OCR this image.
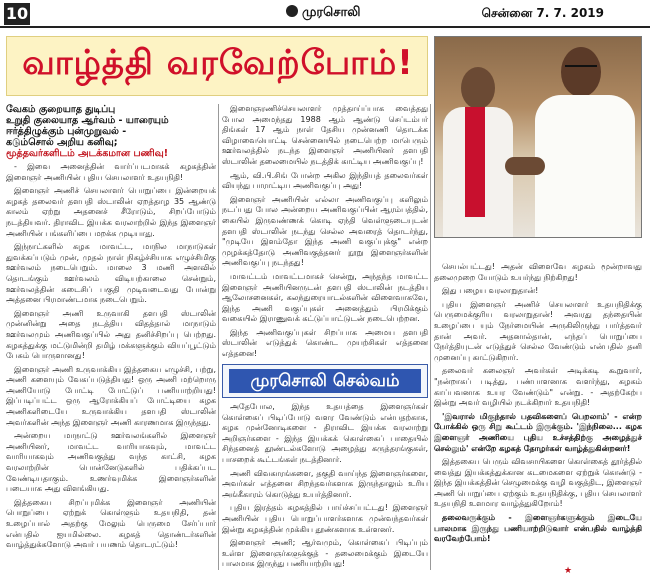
10	முரசொலி	சென்னை 7. 7. 2019
வாழ்த்தி வரவேற்போம்!
வேகம் குறையாத துடிப்பு
உறுதி குலையாத ஆர்வம் - யாரையும்
ஈர்த்திழுக்கும் புன்முறுவல் -
கடும்சொல் அறிய கனிவு;
மூத்தவர்களிடம் அடக்கமான பணிவு!

- இவை அனைத்தின் வார்ப்படமாகக் கழகத்தின் இளைஞர் அணியின் புதிய செயலாளர் உதயநிதி!

இளைஞர் அணிச் செயலாளர் பொறுப்பை இன்றையக் கழகத் தலைவர் தளபதி ஸ்டாலின் ஏறத்தாழ 35 ஆண்டு காலம் ஏற்று அதனைச் சீரோடும், சிறப்போடும் நடத்தியவர். திராவிட இயக்க வரலாற்றில் இந்த இளைஞர் அணியின் பங்களிப்பை மறக்க முடியாது.

இந்நாட்களில் கழக மாவட்ட, மாநில மாநாடுகள் துவக்கப்படும் முன், முதல் நாள் நிகழ்ச்சியாக எழுச்சிமிகு ஊர்வலம் நடைபெறும். மாலை 3 மணி அளவில் தொடங்கும் ஊர்வலம் விடியற்காலை சென்றும், ஊர்வலத்தின் கடைசிப் பகுதி முடிவடைவது போன்று அத்தனை பிரமாண்டமாக நடைபெறும்.

இளைஞர் அணி உருவாகி தளபதி ஸ்டாலின் முன்னின்று அதை நடத்திய விதத்தால் மாநாடும் ஊர்வலமும் அணிவகுப்பில் அது தனிச்சிறப்பு பெற்றது. கழகத்துக்கு மட்டுமின்றி தமிழ் மக்களுக்கும் வியப்பூட்டும் பேசும் பொருளானது!

இளைஞர் அணி உருவாக்கிய இத்தகைய எழுச்சி, பற்று, அணி களையும் வேகப்படுத்தியது! ஒரு அணி மற்றொரு அணியோடு போட்டி போட்டுப் பணியாற்றியது! இப்படிப்பட்ட ஒரு ஆரோக்கியப் போட்டியை கழக அணிகளிடையே உருவாக்கிய தளபதி ஸ்டாலின் அவர்களின் அந்த இளைஞர் அணி காரணமாக இருந்தது.

அன்றைய மாநாட்டு ஊர்வலங்களில் இளைஞர் அணியினர், மாவட்ட வாரியாகவும், மாவட்ட வாரியாகவும் அணிவகுத்து வந்த காட்சி, கழக வரலாற்றின் பொன்னேடுகளில் பதிக்கப்பட வேண்டியதாகும். உணர்வுமிக்க இளைஞர்களின் படையாக அது விளங்கியது.

இத்தகைய சிறப்புமிக்க இளைஞர் அணியின் பொறுப்பை ஏற்றுக் கொள்ளும் உதயநிதி, தன் உழைப்பால் அதற்கு மேலும் பெருமை சேர்ப்பார் என்பதில் ஐயமில்லை. கழகத் தொண்டர்களின் வாழ்த்துக்களோடு அவர் பயணம் தொடரட்டும்!

இளைஞரணிச்செயலாளர் முத்தாய்ப்பாக வைத்தது போல அமைந்தது 1988 ஆம் ஆண்டு செப்டம்பர் திங்கள் 17 ஆம் நாள் தேசிய முன்னணி தொடக்க விழாவையொட்டி சென்னையில் நடைபெற்ற மாபெரும் ஊர்வலத்தில் நடந்த இளைஞர் அணியினர் தளபதி ஸ்டாலின் தலைமையில் நடத்திக் காட்டிய அணிவகுப்பு!

ஆம், வி.பி.சிங் போன்ற அகில இந்தியத் தலைவர்கள் வியந்து பாராட்டிய அணிவகுப்பு அது!

இளைஞர் அணியின் எல்லா அணிவகுப்பு களிலும் நடப்பது போல அன்றைய அணிவகுப்பின் ஆரம்பத்தில், கையில் இருவண்ணக் கொடி ஏந்தி வெள்ளுடையுடன் தளபதி ஸ்டாலின் நடந்து செல்ல அவரைத் தொடர்ந்து, "முடியே இளம்தோ இந்த அணி வகுப்புக்கு" என்ற முழக்கத்தோடு அணிவகுத்தனர் நூறு இளைஞர்களின் அணிவகுப்பு நடந்தது!

மாவட்டம் மாவட்டமாகச் சென்று, அந்தந்த மாவட்ட இளைஞர் அணியினருடன் தளபதி ஸ்டாலின் நடத்திய ஆலோசனைகள், கலந்துரையாடல்களின் விளைவாகவே, இந்த அணி வகுப்புகள் அனைத்தும் பிரமிக்கும் வகையில் இராணுவக் கட்டுப்பாட்டுடன் நடைபெற்றன.

இந்த அணிவகுப்புகள் சிறப்பாக அமைய தளபதி ஸ்டாலின் எடுத்துக் கொண்ட முயற்சிகள் எத்தனை எத்தனை!

முரசொலி செல்வம்

அதேபோல, இந்த உதயத்தை இளைஞர்கள் கொள்கைப் பிடிப்போடு வளர வேண்டும் என்பதற்காக, கழக முன்னோடிகளை - திராவிட இயக்க வரலாற்று அறிஞர்களை - இந்த இயக்கக் கொள்கைப் பாதையில் சிந்தனைத் தூண்டல்களோடு அழைத்து கருத்தரங்குகள், பாசறைக் கூட்டங்கள் நடத்தினார்.

அணி விவகாரங்களை, தகுதி வாய்ந்த இளைஞர்களை, அவர்கள் எத்தனை சிறந்தவர்களாக இருந்தாலும் உரிய அங்கீகாரம் கொடுத்து உயர்த்தினார்.

புதிய இரத்தம் கழகத்தில் பாய்ச்சப்பட்டது! இளைஞர் அணியின் புதிய பொறுப்பாளர்களாக முன்வந்தவர்கள் இன்று கழகத்தின் முக்கிய தூண்களாக உள்ளனர்.

இளைஞர் அணி; ஆர்வமும், கொள்கைப் பிடிப்பும் உள்ள இளைஞர்களுக்குத் - தலைமைக்கும் இடையே பாலமாக இருந்து பணியாற்றியது!

செயல்பட்டது! அதன் விளைவே கழகம் மூன்றாவது தலைமுறை யோடும் உயர்ந்து நிற்கிறது!

இது பழைய வரலாறுதான்!

புதிய இளைஞர் அணிச் செயலாளர் உதயநிதிக்கு பெருமைக்குரிய வரலாறுதான்! அவரது தந்தையின் உழைப்பை யும் நேர்மையின் அருகிலிருந்து பார்த்தவர் தான் அவர். அதனால்தான், எந்தப் பொறுப்பை நேர்த்தியுடன் எடுத்துச் செல்ல வேண்டும் என்பதில் தனி முனைப்பு காட்டுகிறார்.

தலைவர் கலைஞர் அவர்கள் அடிக்கடி கூறுவார், "நன்றாகப் படித்து, பண்பாளனாக வளர்ந்து, கழகம் காப்பவனாக உயர வேண்டும்" என்று. - அதற்கேற்ப இன்று அவர் வழியில் நடக்கிறார் உதயநிதி!

'இவரால் மிகுந்தால் பதவிகளைப் பெறலாம்' - என்ற போக்கில் ஒரு சிறு கூட்டம் இருக்கும். 'இந்நிலை... கழக இளைஞர் அணியை புதிய உச்சத்திற்கு அழைத்துச் செல்லும்' என்றே கழகத் தோழர்கள் வாழ்த்துகின்றனர்!

இத்தகைய பெரும் விவசாயிகளை கொள்கைத் தூர்த்தில் வைத்து இயக்கத்துக்கான கடமைகளை ஏற்றுக் கொண்டு - இந்த இயக்கத்தின் செழுமைக்கு வழி வகுத்திட, இளைஞர் அணி பொறுப்பை ஏற்கும் உதயநிதிக்கு, புதிய செயலாளர் உதயநிதி உளமார வாழ்த்துகிறோம்!

தலைவருக்கும் - இளைஞர்களுக்கும் இடையே பாலமாக இருந்து பணியாற்றிடுவார் என்பதில் வாழ்த்தி வரவேற்போம்!

★
